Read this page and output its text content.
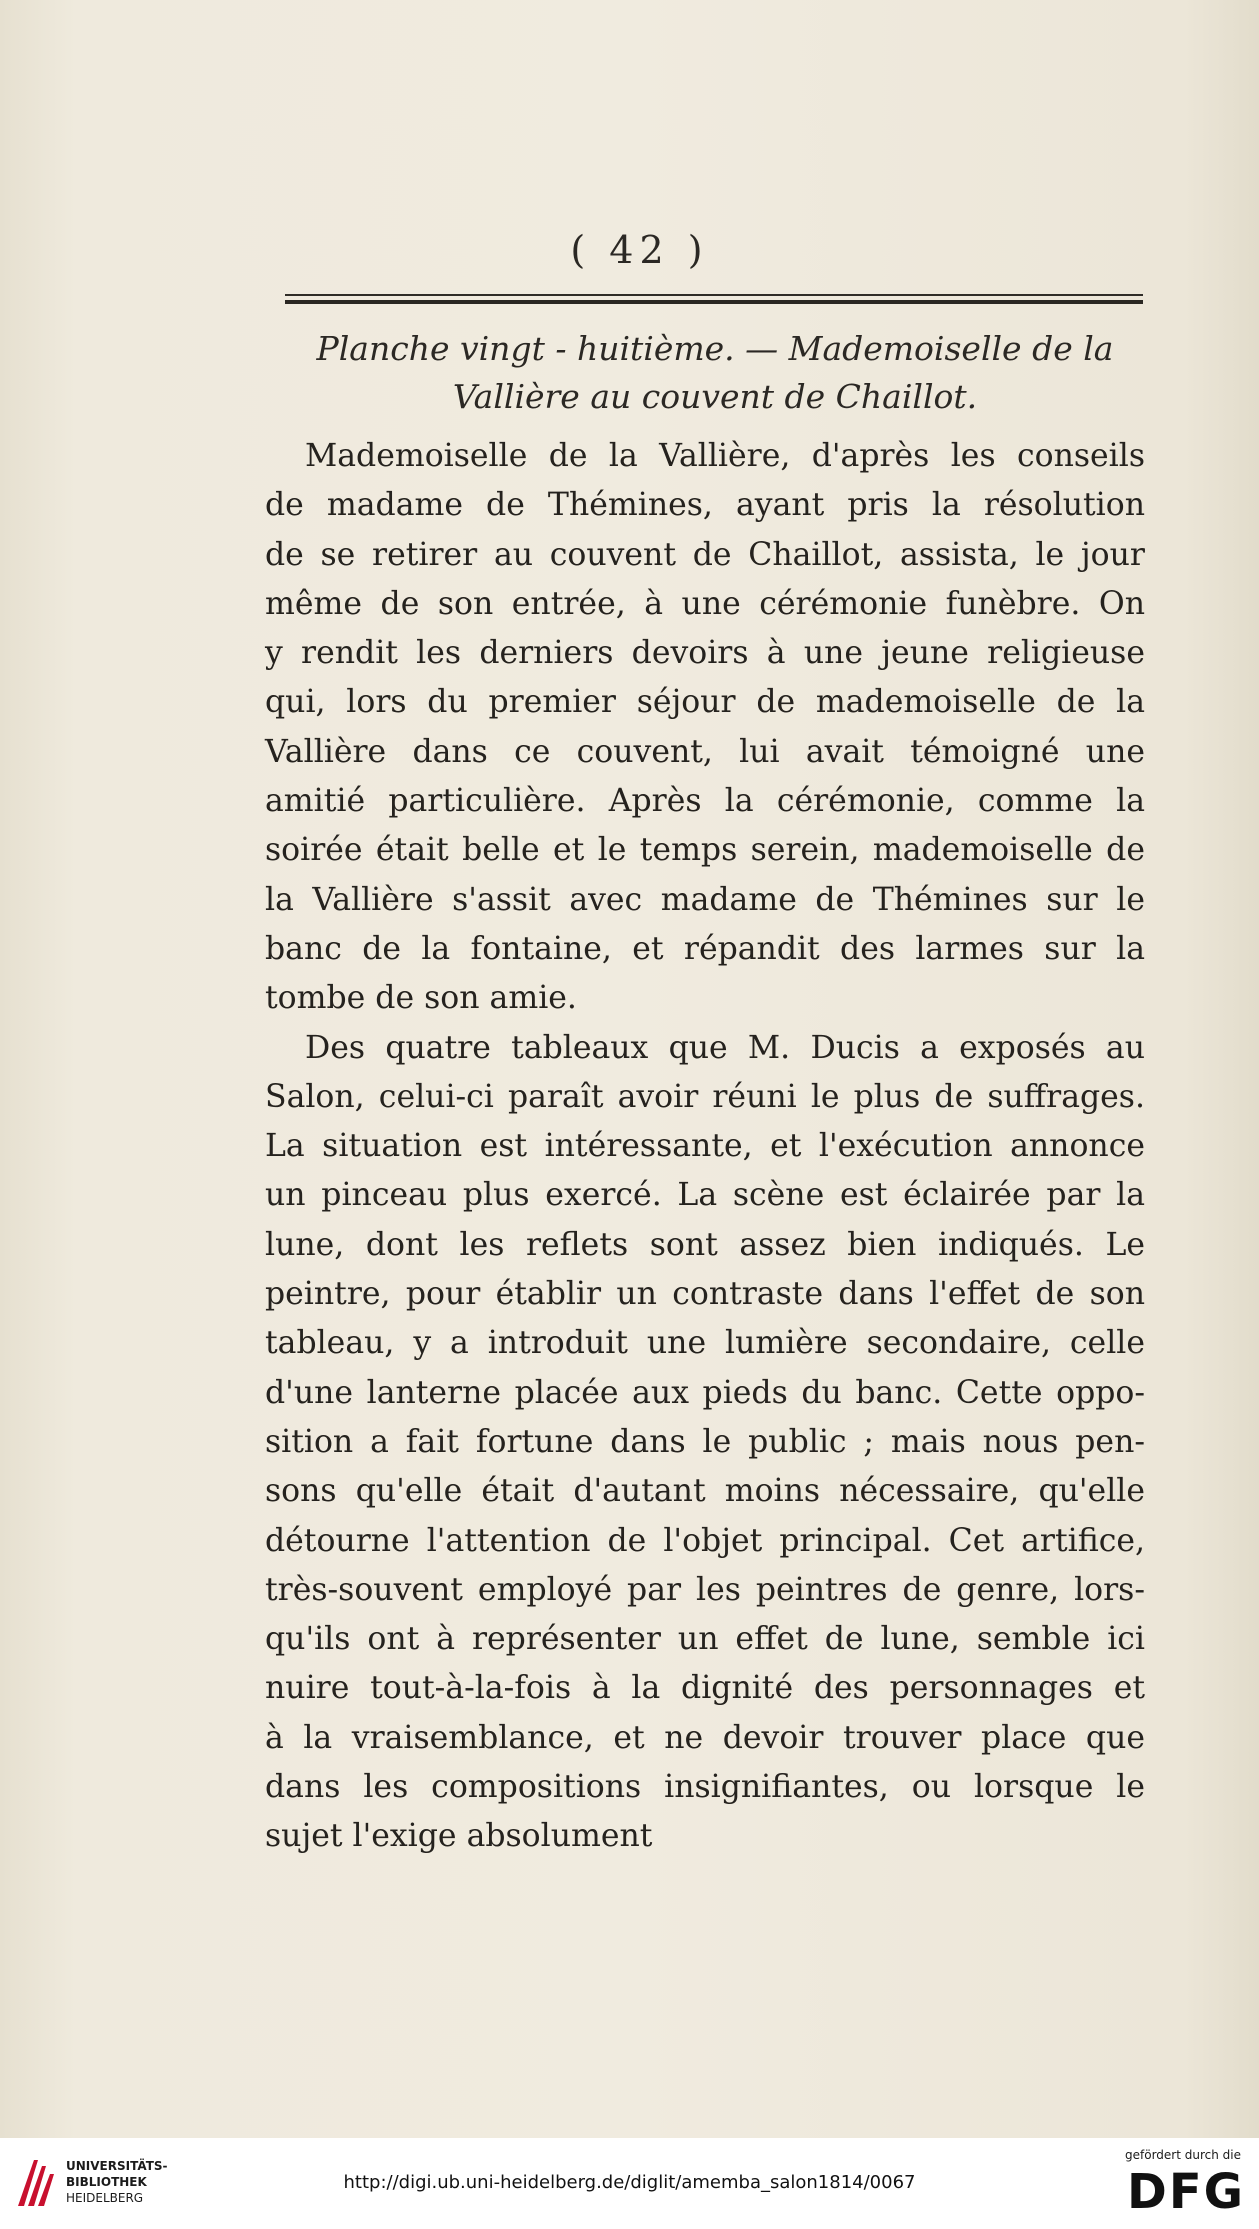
( 42 )
Planche vingt - huitième. — Mademoiselle de la
Vallière au couvent de Chaillot.
Mademoiselle de la Vallière, d'après les conseils
de madame de Thémines, ayant pris la résolution
de se retirer au couvent de Chaillot, assista, le jour
même de son entrée, à une cérémonie funèbre. On
y rendit les derniers devoirs à une jeune religieuse
qui, lors du premier séjour de mademoiselle de la
Vallière dans ce couvent, lui avait témoigné une
amitié particulière. Après la cérémonie, comme la
soirée était belle et le temps serein, mademoiselle de
la Vallière s'assit avec madame de Thémines sur le
banc de la fontaine, et répandit des larmes sur la
tombe de son amie.
Des quatre tableaux que M. Ducis a exposés au
Salon, celui-ci paraît avoir réuni le plus de suffrages.
La situation est intéressante, et l'exécution annonce
un pinceau plus exercé. La scène est éclairée par la
lune, dont les reflets sont assez bien indiqués. Le
peintre, pour établir un contraste dans l'effet de son
tableau, y a introduit une lumière secondaire, celle
d'une lanterne placée aux pieds du banc. Cette oppo-
sition a fait fortune dans le public ; mais nous pen-
sons qu'elle était d'autant moins nécessaire, qu'elle
détourne l'attention de l'objet principal. Cet artifice,
très-souvent employé par les peintres de genre, lors-
qu'ils ont à représenter un effet de lune, semble ici
nuire tout-à-la-fois à la dignité des personnages et
à la vraisemblance, et ne devoir trouver place que
dans les compositions insignifiantes, ou lorsque le
sujet l'exige absolument
UNIVERSITÄTS-
BIBLIOTHEK
HEIDELBERG
http://digi.ub.uni-heidelberg.de/diglit/amemba_salon1814/0067
gefördert durch die
DFG
